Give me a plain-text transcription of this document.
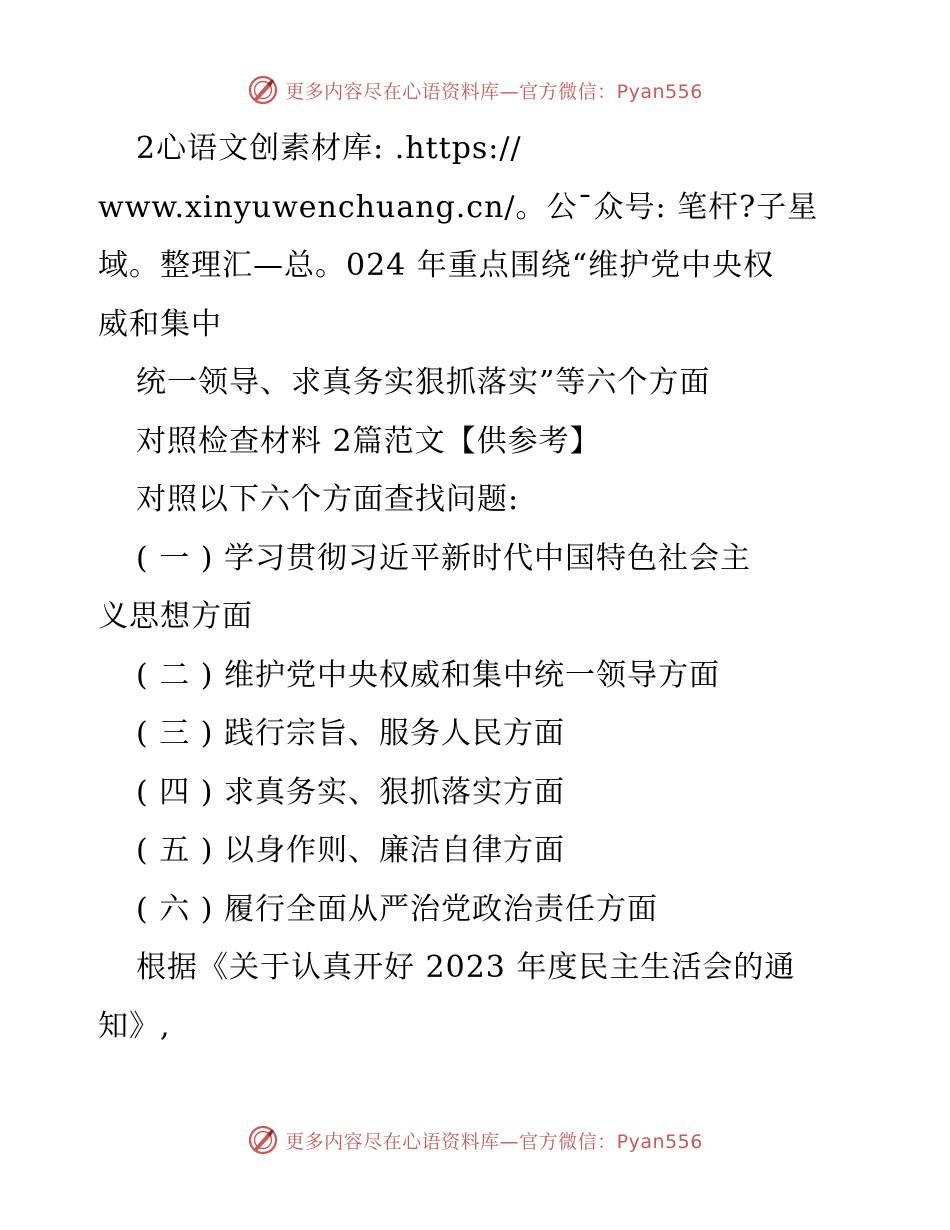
更多内容尽在心语资料库—官方微信：Pyan556
2心语文创素材库: .https://
www.xinyuwenchuang.cn/。公¯众号: 笔杆?子星
域。整理汇—总。024 年重点围绕“维护党中央权
威和集中
统一领导、求真务实狠抓落实”等六个方面
对照检查材料 2篇范文【供参考】
对照以下六个方面查找问题:
( 一 ) 学习贯彻习近平新时代中国特色社会主
义思想方面
( 二 ) 维护党中央权威和集中统一领导方面
( 三 ) 践行宗旨、服务人民方面
( 四 ) 求真务实、狠抓落实方面
( 五 ) 以身作则、廉洁自律方面
( 六 ) 履行全面从严治党政治责任方面
根据《关于认真开好 2023 年度民主生活会的通
知》,
更多内容尽在心语资料库—官方微信：Pyan556
